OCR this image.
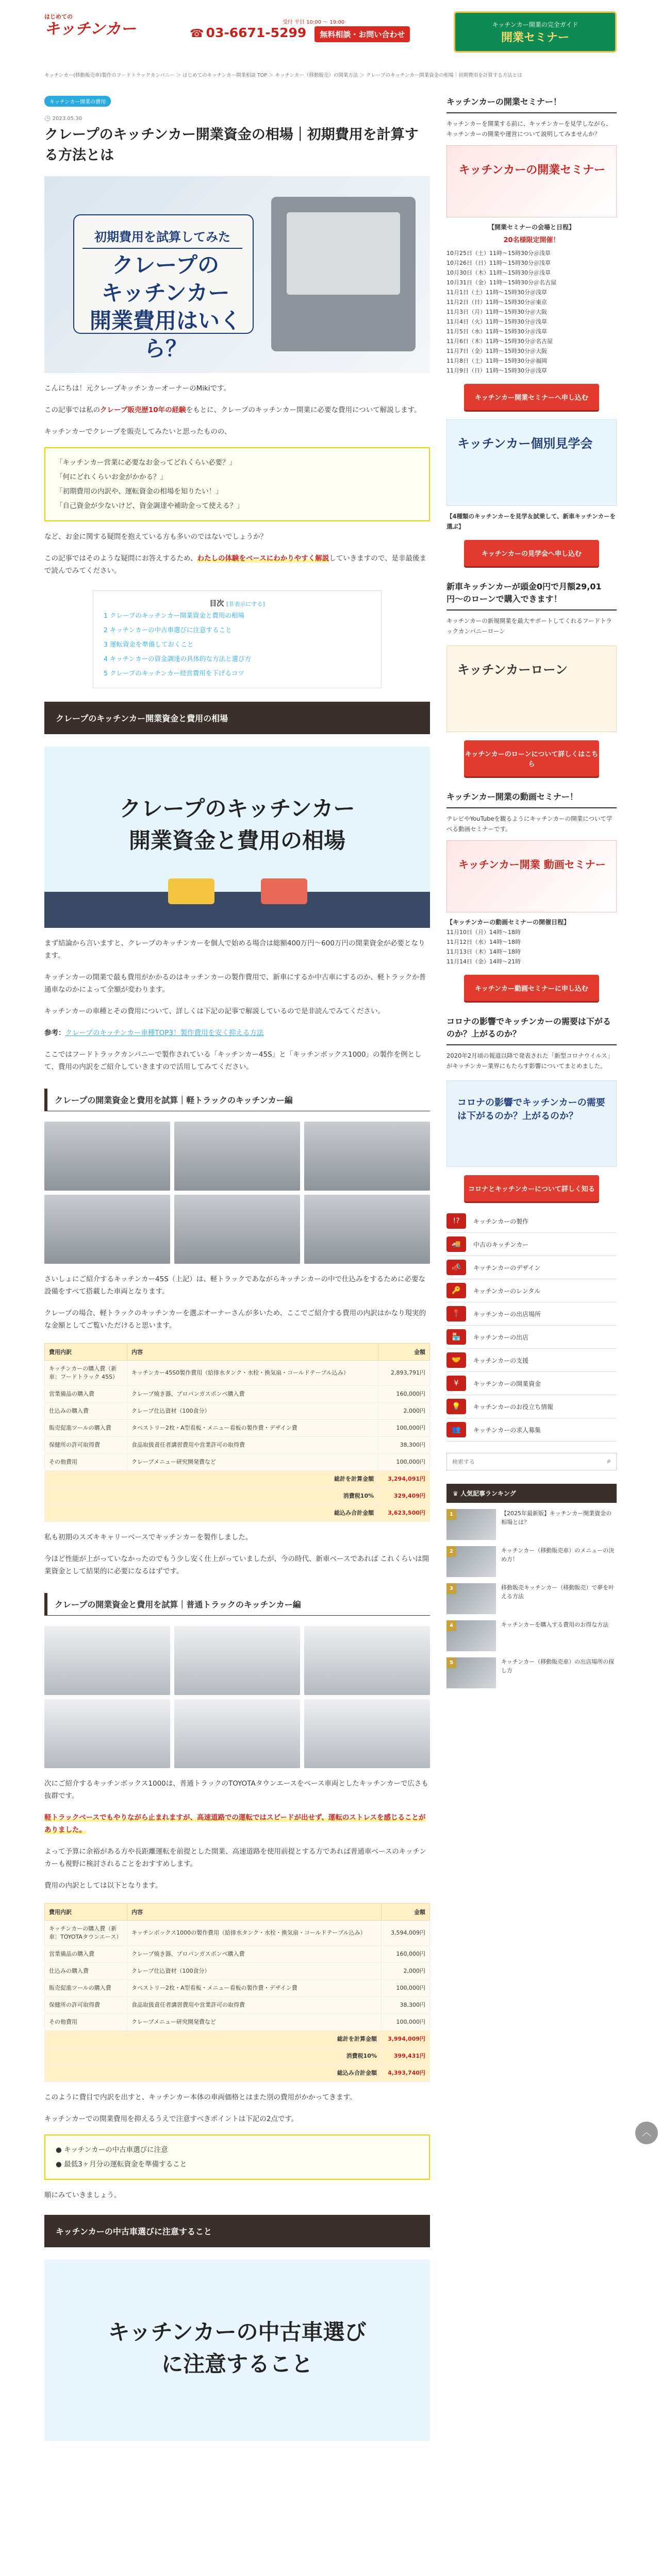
はじめての
キッチンカー	受付 平日 10:00 〜 19:00
☎ 03-6671-5299 無料相談・お問い合わせ
キッチンカー開業の完全ガイド
開業セミナー
キッチンカー(移動販売車)製作のフードトラックカンパニー ＞ はじめてのキッチンカー開業相談 TOP ＞ キッチンカー（移動販売）の開業方法 ＞ クレープのキッチンカー開業資金の相場｜初期費用を計算する方法とは
キッチンカー開業の費用
🕒 2023.05.30
クレープのキッチンカー開業資金の相場｜初期費用を計算する方法とは
初期費用を試算してみた
クレープの
キッチンカー
開業費用はいくら？

こんにちは！元クレープキッチンカーオーナーのMikiです。

この記事では私のクレープ販売歴10年の経験をもとに、クレープのキッチンカー開業に必要な費用について解説します。

キッチンカーでクレープを販売してみたいと思ったものの、

「キッチンカー営業に必要なお金ってどれくらい必要？」
「何にどれくらいお金がかかる？」
「初期費用の内訳や、運転資金の相場を知りたい！」
「自己資金が少ないけど、資金調達や補助金って使える？」

など、お金に関する疑問を抱えている方も多いのではないでしょうか？

この記事ではそのような疑問にお答えするため、わたしの体験をベースにわかりやすく解説していきますので、是非最後まで読んでみてください。

目次 [非表示にする]
1 クレープのキッチンカー開業資金と費用の相場
2 キッチンカーの中古車選びに注意すること
3 運転資金を準備しておくこと
4 キッチンカーの資金調達の具体的な方法と選び方
5 クレープのキッチンカー経営費用を下げるコツ
クレープのキッチンカー開業資金と費用の相場
クレープのキッチンカー
開業資金と費用の相場

まず結論から言いますと、クレープのキッチンカーを個人で始める場合は総額400万円〜600万円の開業資金が必要となります。

キッチンカーの開業で最も費用がかかるのはキッチンカーの製作費用で、新車にするか中古車にするのか、軽トラックか普通車なのかによって全額が変わります。

キッチンカーの車種とその費用について、詳しくは下記の記事で解説しているので是非読んでみてください。

参考：クレープのキッチンカー車種TOP3！製作費用を安く抑える方法

ここではフードトラックカンパニーで製作されている「キッチンカー45S」と「キッチンボックス1000」の製作を例として、費用の内訳をご紹介していきますので活用してみてください。

クレープの開業資金と費用を試算｜軽トラックのキッチンカー編

さいしょにご紹介するキッチンカー45S（上記）は、軽トラックであながらキッチンカーの中で仕込みをするために必要な設備をすべて搭載した車両となります。

クレープの場合、軽トラックのキッチンカーを選ぶオーナーさんが多いため、ここでご紹介する費用の内訳はかなり現実的な金額としてご覧いただけると思います。

費用内訳	内容	金額
キッチンカーの購入費（新車：フードトラック 45S）	キッチンカー45S0製作費用（給排水タンク・水栓・換気扇・コールドテーブル込み）	2,893,791円
営業備品の購入費	クレープ焼き器、プロパンガスボンベ購入費	160,000円
仕込みの購入費	クレープ仕込資材（100食分）	2,000円
販売促進ツールの購入費	タペストリー2枚・A型看板・メニュー看板の製作費・デザイン費	100,000円
保健所の許可取得費	食品取扱責任者講習費用や営業許可の取得費	38,300円
その他費用	クレープメニュー研究開発費など	100,000円
総計を計算金額		3,294,091円
消費税10%		329,409円
総込み合計金額		3,623,500円

私も初期のスズキキャリーベースでキッチンカーを製作しました。

今ほど性能が上がっていなかったのでもう少し安く仕上がっていましたが、今の時代、新車ベースであれば これくらいは開業資金として結果的に必要になるはずです。

クレープの開業資金と費用を試算｜普通トラックのキッチンカー編

次にご紹介するキッチンボックス1000は、普通トラックのTOYOTAタウンエースをベース車両としたキッチンカーで広さも抜群です。

軽トラックベースでもやりながら止まれますが、高速道路での運転ではスピードが出せず、運転のストレスを感じることがありました。

よって予算に余裕がある方や長距離運転を前提とした開業、高速道路を使用前提とする方であれば普通車ベースのキッチンカーも視野に検討されることをおすすめします。

費用の内訳としては以下となります。

費用内訳	内容	金額
キッチンカーの購入費（新車：TOYOTAタウンエース）	キッチンボックス1000の製作費用（給排水タンク・水栓・換気扇・コールドテーブル込み）	3,594,009円
営業備品の購入費	クレープ焼き器、プロパンガスボンベ購入費	160,000円
仕込みの購入費	クレープ仕込資材（100食分）	2,000円
販売促進ツールの購入費	タペストリー2枚・A型看板・メニュー看板の製作費・デザイン費	100,000円
保健所の許可取得費	食品取扱責任者講習費用や営業許可の取得費	38,300円
その他費用	クレープメニュー研究開発費など	100,000円
総計を計算金額		3,994,009円
消費税10%		399,431円
総込み合計金額		4,393,740円

このように費目で内訳を出すと、キッチンカー本体の車両価格とはまた別の費用がかかってきます。

キッチンカーでの開業費用を抑えるうえで注意すべきポイントは下記の2点です。

● キッチンカーの中古車選びに注意
● 最低3ヶ月分の運転資金を準備すること

順にみていきましょう。

キッチンカーの中古車選びに注意すること
キッチンカーの中古車選び
に注意すること
キッチンカーの開業セミナー！
キッチンカーを開業する前に、キッチンカーを見学しながら、キッチンカーの開業や運営について説明してみませんか？
キッチンカーの開業セミナー
【開業セミナーの会場と日程】
20名様限定開催！
10月25日（土）11時〜15時30分＠浅草
10月26日（日）11時〜15時30分＠浅草
10月30日（木）11時〜15時30分＠浅草
10月31日（金）11時〜15時30分＠名古屋
11月1日（土）11時〜15時30分＠浅草
11月2日（日）11時〜15時30分＠東京
11月3日（月）11時〜15時30分＠大阪
11月4日（火）11時〜15時30分＠浅草
11月5日（水）11時〜15時30分＠浅草
11月6日（木）11時〜15時30分＠名古屋
11月7日（金）11時〜15時30分＠大阪
11月8日（土）11時〜15時30分＠福岡
11月9日（日）11時〜15時30分＠浅草
キッチンカー開業セミナーへ申し込む
キッチンカー個別見学会
【4種類のキッチンカーを見学＆試乗して、新車キッチンカーを選ぶ】
キッチンカーの見学会へ申し込む
新車キッチンカーが頭金0円で月額29,01円〜のローンで購入できます！
キッチンカーの新規開業を最大サポートしてくれるフードトラックカンパニーローン
キッチンカーローン
キッチンカーのローンについて詳しくはこちら
キッチンカー開業の動画セミナー！
テレビやYouTubeを観るようにキッチンカーの開業について学べる動画セミナーです。
キッチンカー開業 動画セミナー
【キッチンカーの動画セミナーの開催日程】
11月10日（月）14時〜18時
11月12日（水）14時〜18時
11月13日（木）14時〜18時
11月14日（金）14時〜21時
キッチンカー動画セミナーに申し込む
コロナの影響でキッチンカーの需要は下がるのか？上がるのか？
2020年2月頃の報道以降で発表された「新型コロナウイルス」がキッチンカー業界にもたらす影響についてまとめました。
コロナの影響でキッチンカーの需要は下がるのか？上がるのか？
コロナとキッチンカーについて詳しく知る
!?	キッチンカーの製作
🚚	中古のキッチンカー
📣	キッチンカーのデザイン
🔑	キッチンカーのレンタル
📍	キッチンカーの出店場所
🏪	キッチンカーの出店
🤝	キッチンカーの支援
¥	キッチンカーの開業資金
💡	キッチンカーのお役立ち情報
👥	キッチンカーの求人募集
検索する
⌕
♛ 人気記事ランキング
1	【2025年最新版】キッチンカー開業資金の相場とは？
2	キッチンカー（移動販売車）のメニューの決め方！
3	移動販売キッチンカー（移動販売）で夢を叶える方法
4	キッチンカーを購入する費用のお得な方法
5	キッチンカー（移動販売車）の出店場所の探し方
︿
